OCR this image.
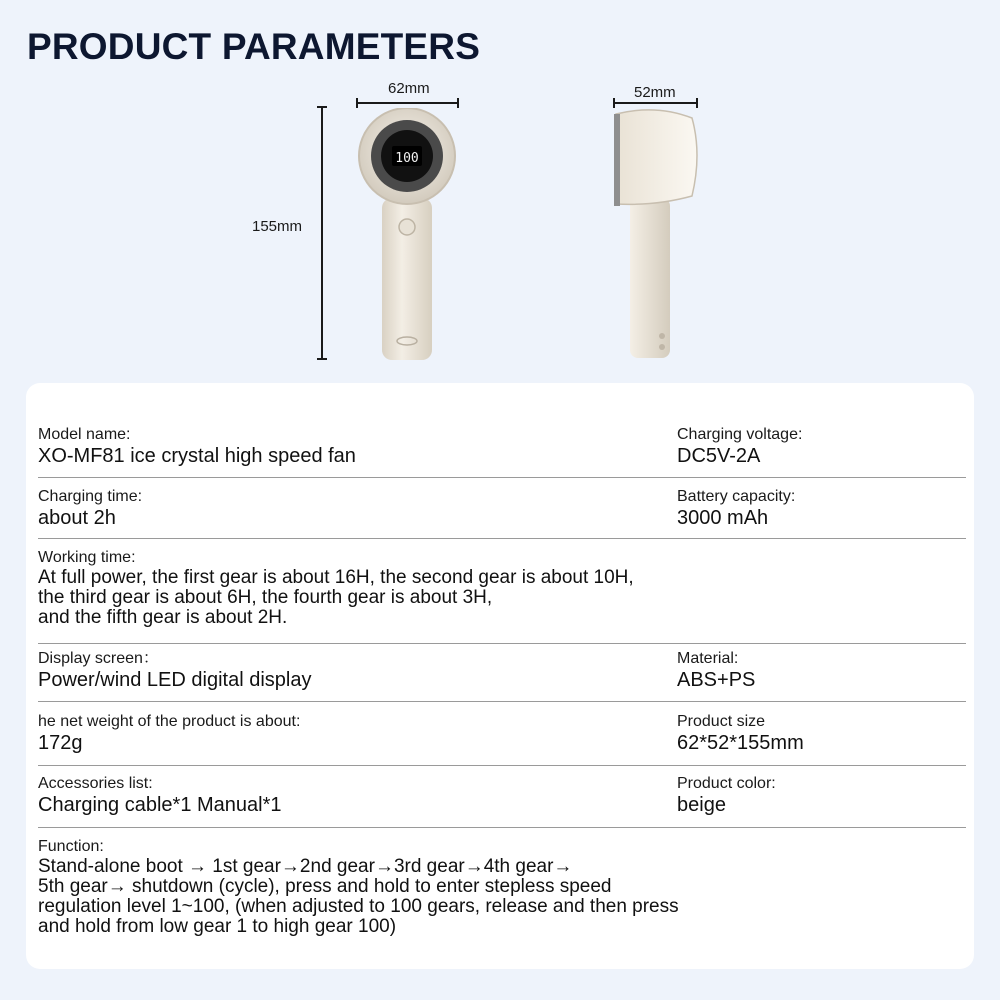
PRODUCT PARAMETERS
62mm	52mm
155mm
100
Model name:
XO-MF81 ice crystal high speed fan
Charging voltage:
DC5V-2A
Charging time:
about 2h
Battery capacity:
3000 mAh
Working time:
At full power, the first gear is about 16H, the second gear is about 10H,
the third gear is about 6H, the fourth gear is about 3H,
and the fifth gear is about 2H.
Display screen：
Power/wind LED digital display
Material:
ABS+PS
he net weight of the product is about:
172g
Product size
62*52*155mm
Accessories list:
Charging cable*1 Manual*1
Product color:
beige
Function:
Stand-alone boot → 1st gear→2nd gear→3rd gear→4th gear→
5th gear→ shutdown (cycle), press and hold to enter stepless speed
regulation level 1~100, (when adjusted to 100 gears, release and then press
and hold from low gear 1 to high gear 100)
